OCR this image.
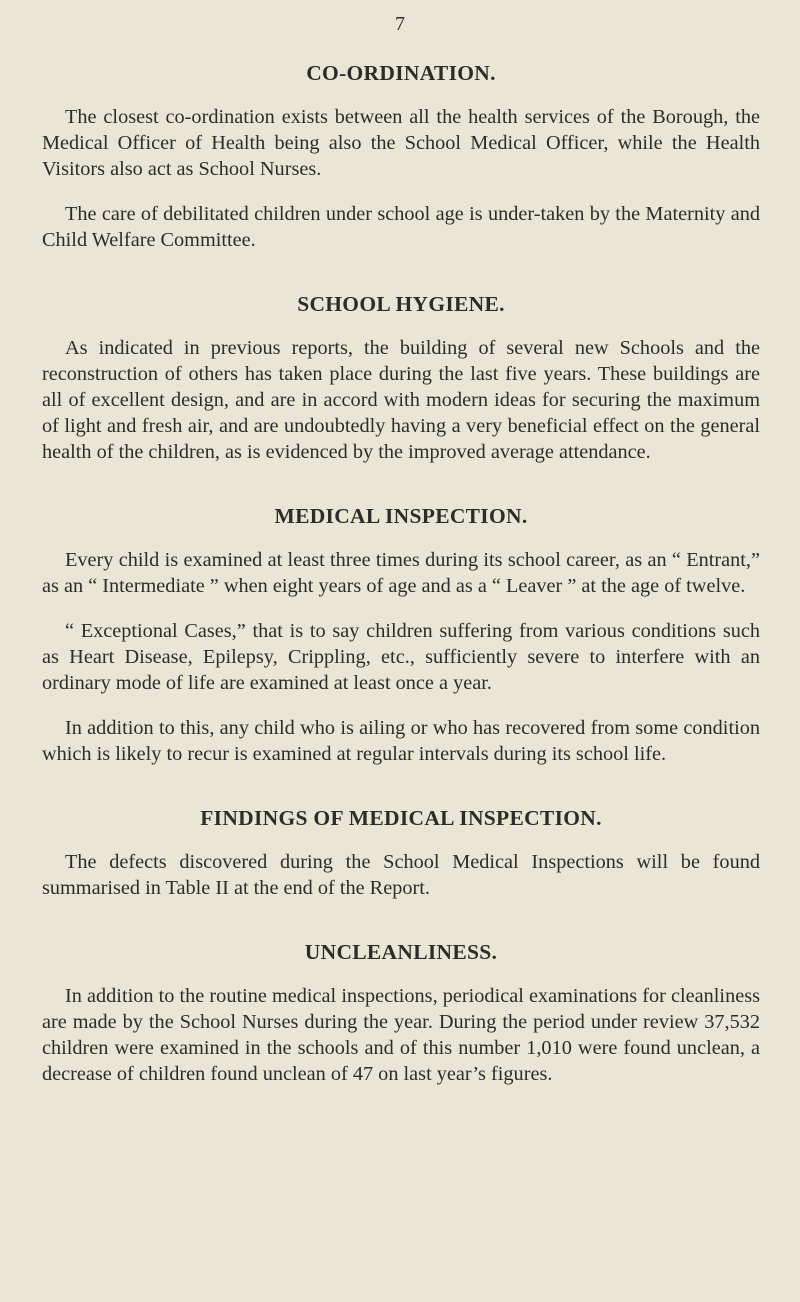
7
CO-ORDINATION.

The closest co-ordination exists between all the health services of the Borough, the Medical Officer of Health being also the School Medical Officer, while the Health Visitors also act as School Nurses.

The care of debilitated children under school age is under-taken by the Maternity and Child Welfare Committee.

SCHOOL HYGIENE.

As indicated in previous reports, the building of several new Schools and the reconstruction of others has taken place during the last five years. These buildings are all of excellent design, and are in accord with modern ideas for securing the maximum of light and fresh air, and are undoubtedly having a very beneficial effect on the general health of the children, as is evidenced by the improved average attendance.

MEDICAL INSPECTION.

Every child is examined at least three times during its school career, as an “ Entrant,” as an “ Intermediate ” when eight years of age and as a “ Leaver ” at the age of twelve.

“ Exceptional Cases,” that is to say children suffering from various conditions such as Heart Disease, Epilepsy, Crippling, etc., sufficiently severe to interfere with an ordinary mode of life are examined at least once a year.

In addition to this, any child who is ailing or who has recovered from some condition which is likely to recur is examined at regular intervals during its school life.

FINDINGS OF MEDICAL INSPECTION.

The defects discovered during the School Medical Inspections will be found summarised in Table II at the end of the Report.

UNCLEANLINESS.

In addition to the routine medical inspections, periodical examinations for cleanliness are made by the School Nurses during the year. During the period under review 37,532 children were examined in the schools and of this number 1,010 were found unclean, a decrease of children found unclean of 47 on last year’s figures.
